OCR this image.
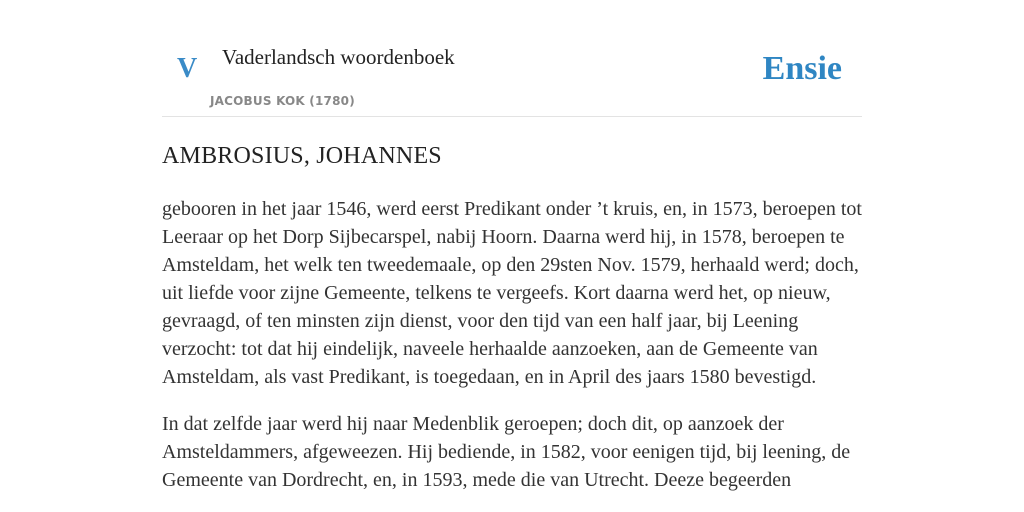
V Vaderlandsch woordenboek
JACOBUS KOK (1780)
Ensie
AMBROSIUS, JOHANNES

gebooren in het jaar 1546, werd eerst Predikant onder ’t kruis, en, in 1573, beroepen tot Leeraar op het Dorp Sijbecarspel, nabij Hoorn. Daarna werd hij, in 1578, beroepen te Amsteldam, het welk ten tweedemaale, op den 29sten Nov. 1579, herhaald werd; doch, uit liefde voor zijne Gemeente, telkens te vergeefs. Kort daarna werd het, op nieuw, gevraagd, of ten minsten zijn dienst, voor den tijd van een half jaar, bij Leening verzocht: tot dat hij eindelijk, naveele herhaalde aanzoeken, aan de Gemeente van Amsteldam, als vast Predikant, is toegedaan, en in April des jaars 1580 bevestigd.

In dat zelfde jaar werd hij naar Medenblik geroepen; doch dit, op aanzoek der Amsteldammers, afgeweezen. Hij bediende, in 1582, voor eenigen tijd, bij leening, de Gemeente van Dordrecht, en, in 1593, mede die van Utrecht. Deeze begeerden
